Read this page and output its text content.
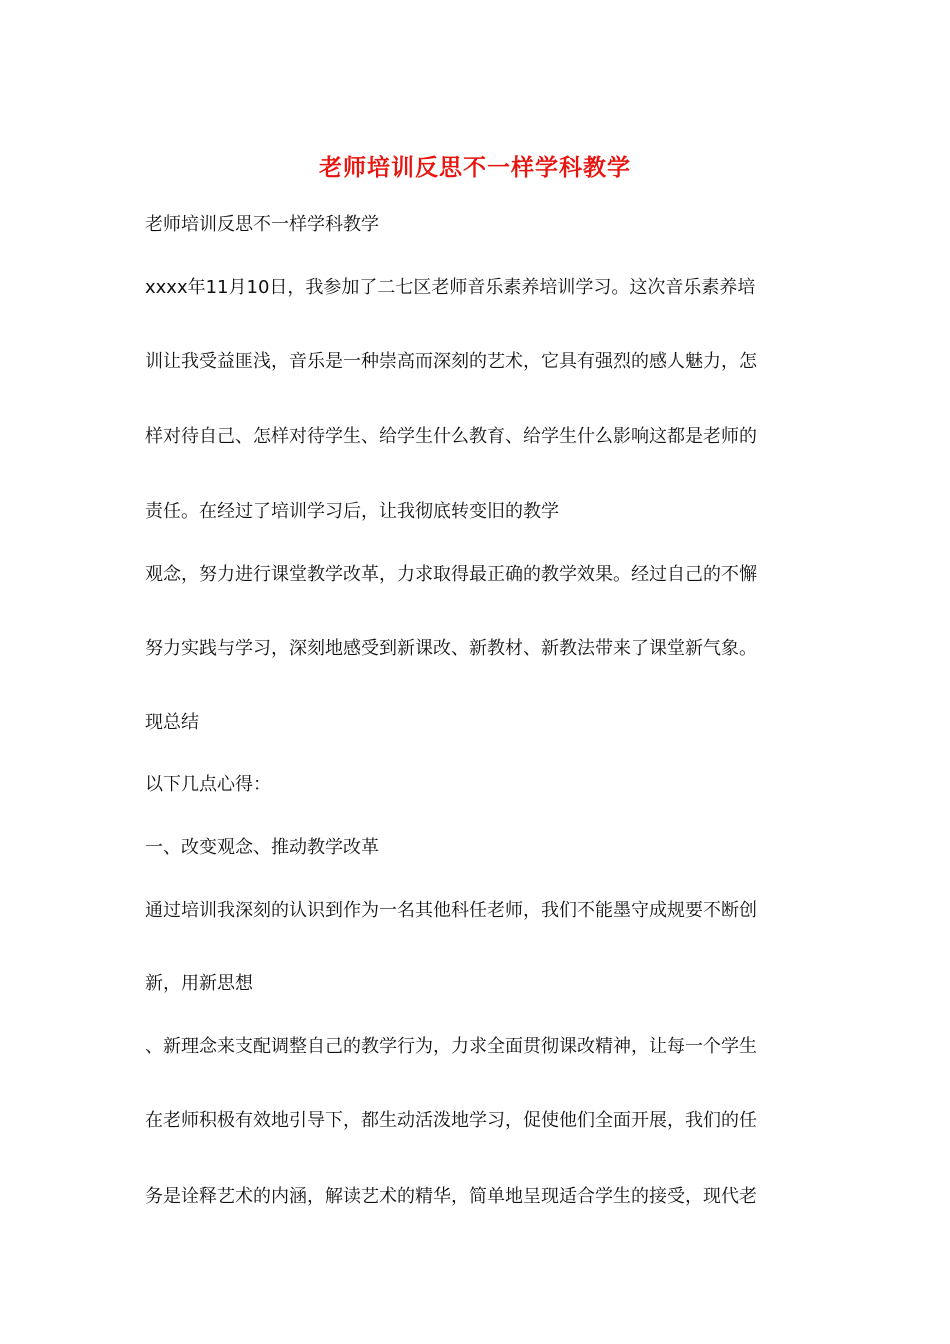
老师培训反思不一样学科教学
老师培训反思不一样学科教学
xxxx年11月10日，我参加了二七区老师音乐素养培训学习。这次音乐素养培
训让我受益匪浅，音乐是一种崇高而深刻的艺术，它具有强烈的感人魅力，怎
样对待自己、怎样对待学生、给学生什么教育、给学生什么影响这都是老师的
责任。在经过了培训学习后，让我彻底转变旧的教学
观念，努力进行课堂教学改革，力求取得最正确的教学效果。经过自己的不懈
努力实践与学习，深刻地感受到新课改、新教材、新教法带来了课堂新气象。
现总结
以下几点心得：
一、改变观念、推动教学改革
通过培训我深刻的认识到作为一名其他科任老师，我们不能墨守成规要不断创
新，用新思想
、新理念来支配调整自己的教学行为，力求全面贯彻课改精神，让每一个学生
在老师积极有效地引导下，都生动活泼地学习，促使他们全面开展，我们的任
务是诠释艺术的内涵，解读艺术的精华，简单地呈现适合学生的接受，现代老
